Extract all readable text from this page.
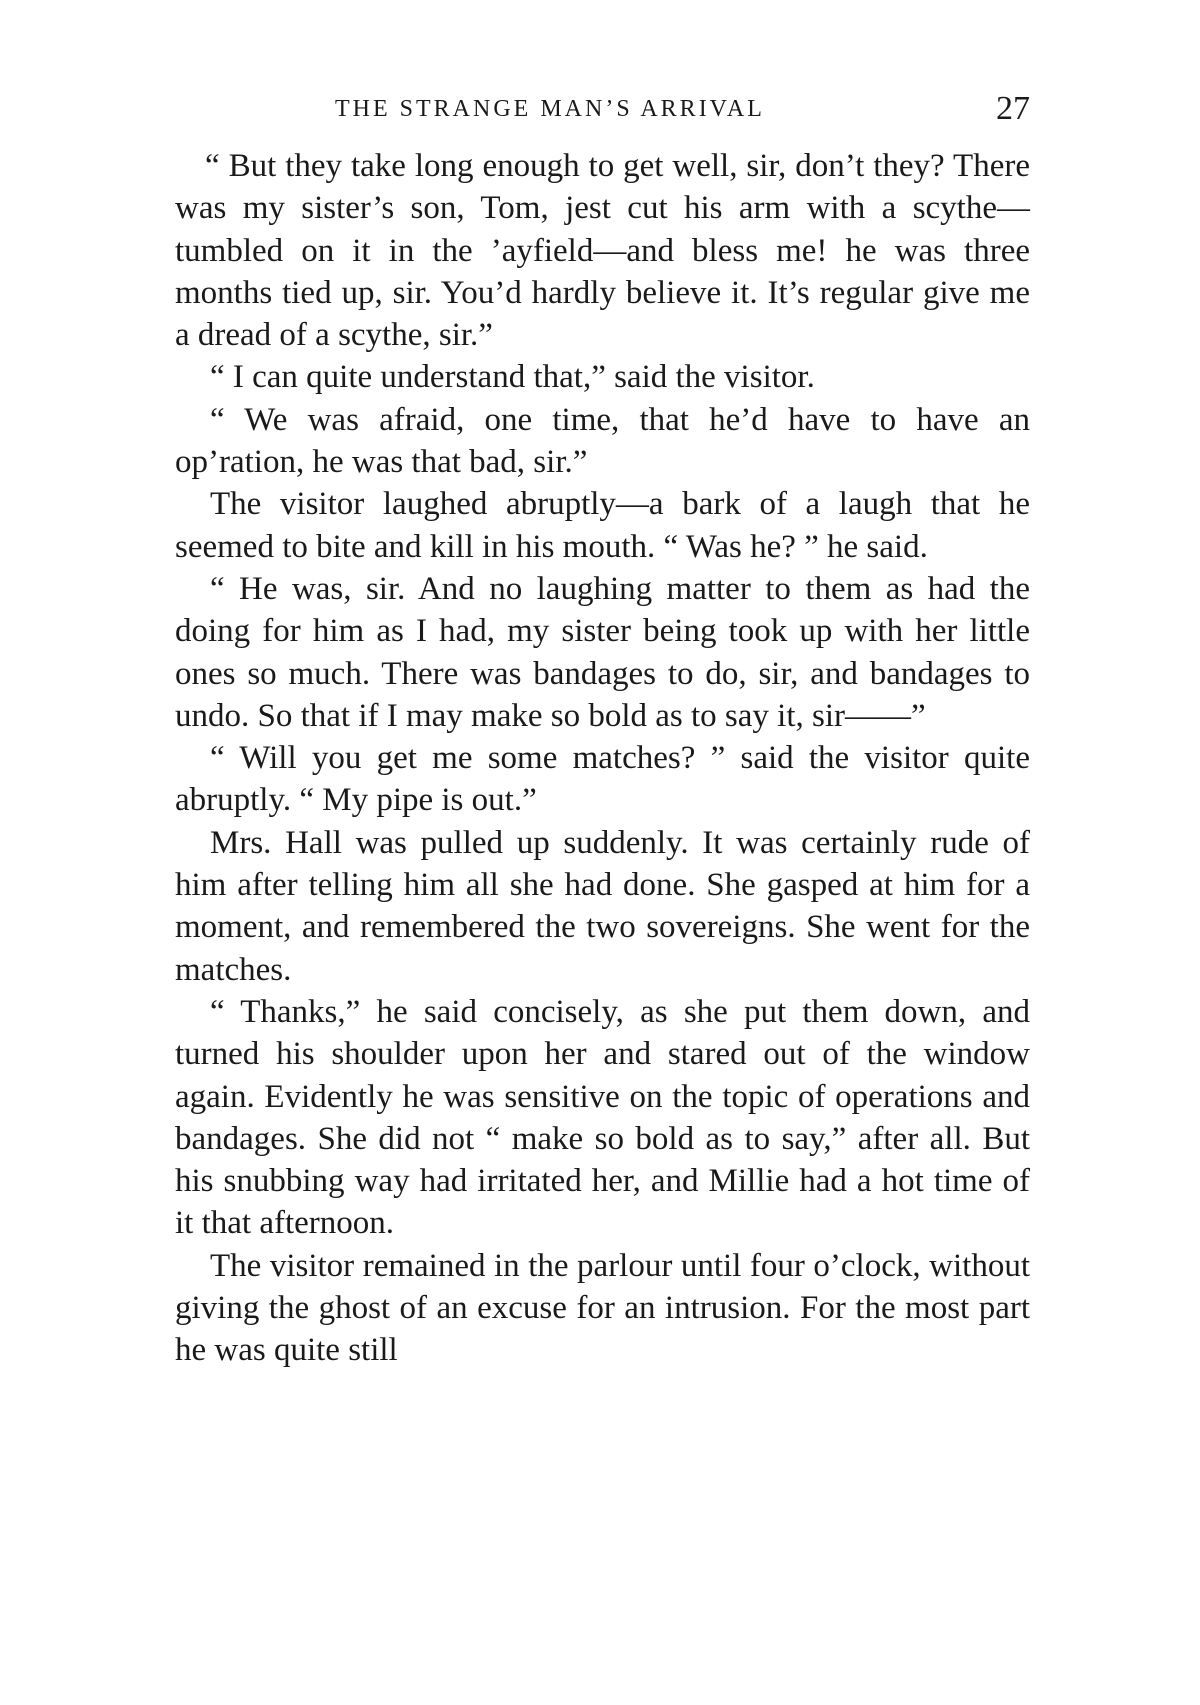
THE STRANGE MAN’S ARRIVAL	27

“ But they take long enough to get well, sir, don’t they? There was my sister’s son, Tom, jest cut his arm with a scythe—tumbled on it in the ’ayfield—and bless me! he was three months tied up, sir. You’d hardly believe it. It’s regular give me a dread of a scythe, sir.”

“ I can quite understand that,” said the visitor.

“ We was afraid, one time, that he’d have to have an op’ration, he was that bad, sir.”

The visitor laughed abruptly—a bark of a laugh that he seemed to bite and kill in his mouth. “ Was he? ” he said.

“ He was, sir. And no laughing matter to them as had the doing for him as I had, my sister being took up with her little ones so much. There was bandages to do, sir, and bandages to undo. So that if I may make so bold as to say it, sir——”

“ Will you get me some matches? ” said the visitor quite abruptly. “ My pipe is out.”

Mrs. Hall was pulled up suddenly. It was certainly rude of him after telling him all she had done. She gasped at him for a moment, and remembered the two sovereigns. She went for the matches.

“ Thanks,” he said concisely, as she put them down, and turned his shoulder upon her and stared out of the window again. Evidently he was sensitive on the topic of operations and bandages. She did not “ make so bold as to say,” after all. But his snubbing way had irritated her, and Millie had a hot time of it that afternoon.

The visitor remained in the parlour until four o’clock, without giving the ghost of an excuse for an intrusion. For the most part he was quite still
